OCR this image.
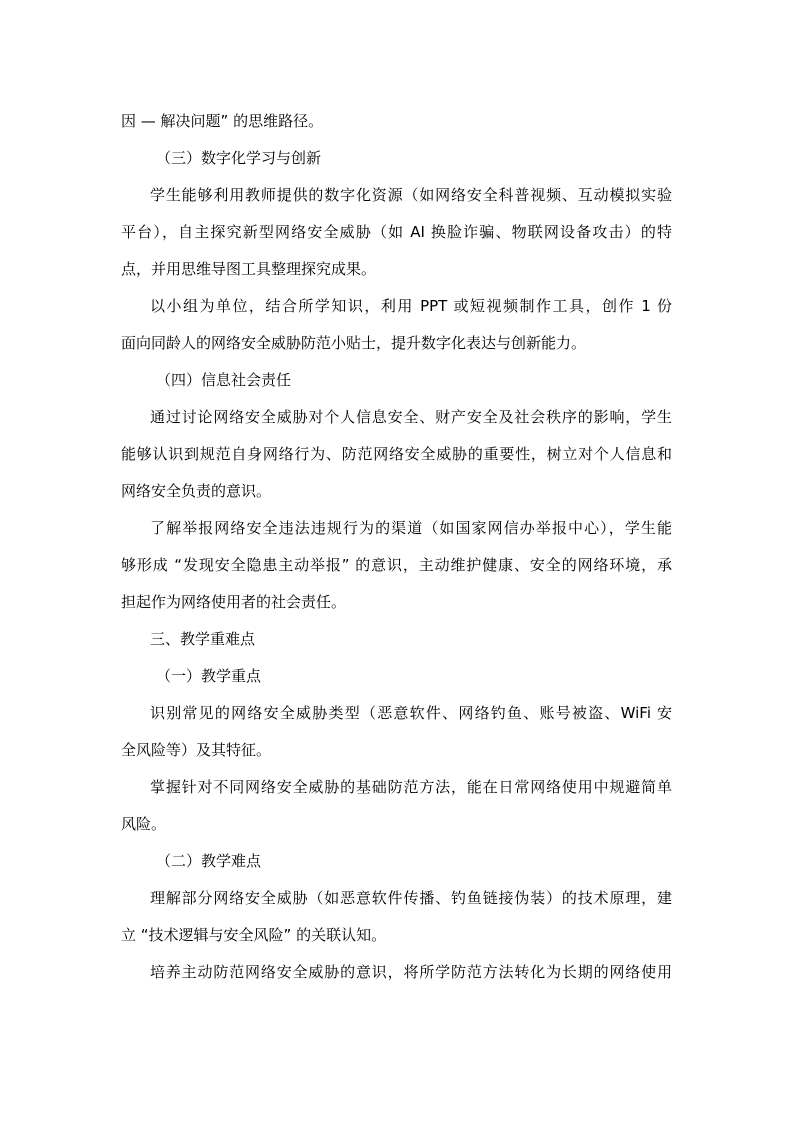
因 — 解决问题” 的思维路径。
（三）数字化学习与创新
学生能够利用教师提供的数字化资源（如网络安全科普视频、互动模拟实验
平台），自主探究新型网络安全威胁（如 AI 换脸诈骗、物联网设备攻击）的特
点，并用思维导图工具整理探究成果。
以小组为单位，结合所学知识，利用 PPT 或短视频制作工具，创作 1 份
面向同龄人的网络安全威胁防范小贴士，提升数字化表达与创新能力。
（四）信息社会责任
通过讨论网络安全威胁对个人信息安全、财产安全及社会秩序的影响，学生
能够认识到规范自身网络行为、防范网络安全威胁的重要性，树立对个人信息和
网络安全负责的意识。
了解举报网络安全违法违规行为的渠道（如国家网信办举报中心），学生能
够形成 “发现安全隐患主动举报” 的意识，主动维护健康、安全的网络环境，承
担起作为网络使用者的社会责任。
三、教学重难点
（一）教学重点
识别常见的网络安全威胁类型（恶意软件、网络钓鱼、账号被盗、WiFi 安
全风险等）及其特征。
掌握针对不同网络安全威胁的基础防范方法，能在日常网络使用中规避简单
风险。
（二）教学难点
理解部分网络安全威胁（如恶意软件传播、钓鱼链接伪装）的技术原理，建
立 “技术逻辑与安全风险” 的关联认知。
培养主动防范网络安全威胁的意识，将所学防范方法转化为长期的网络使用
